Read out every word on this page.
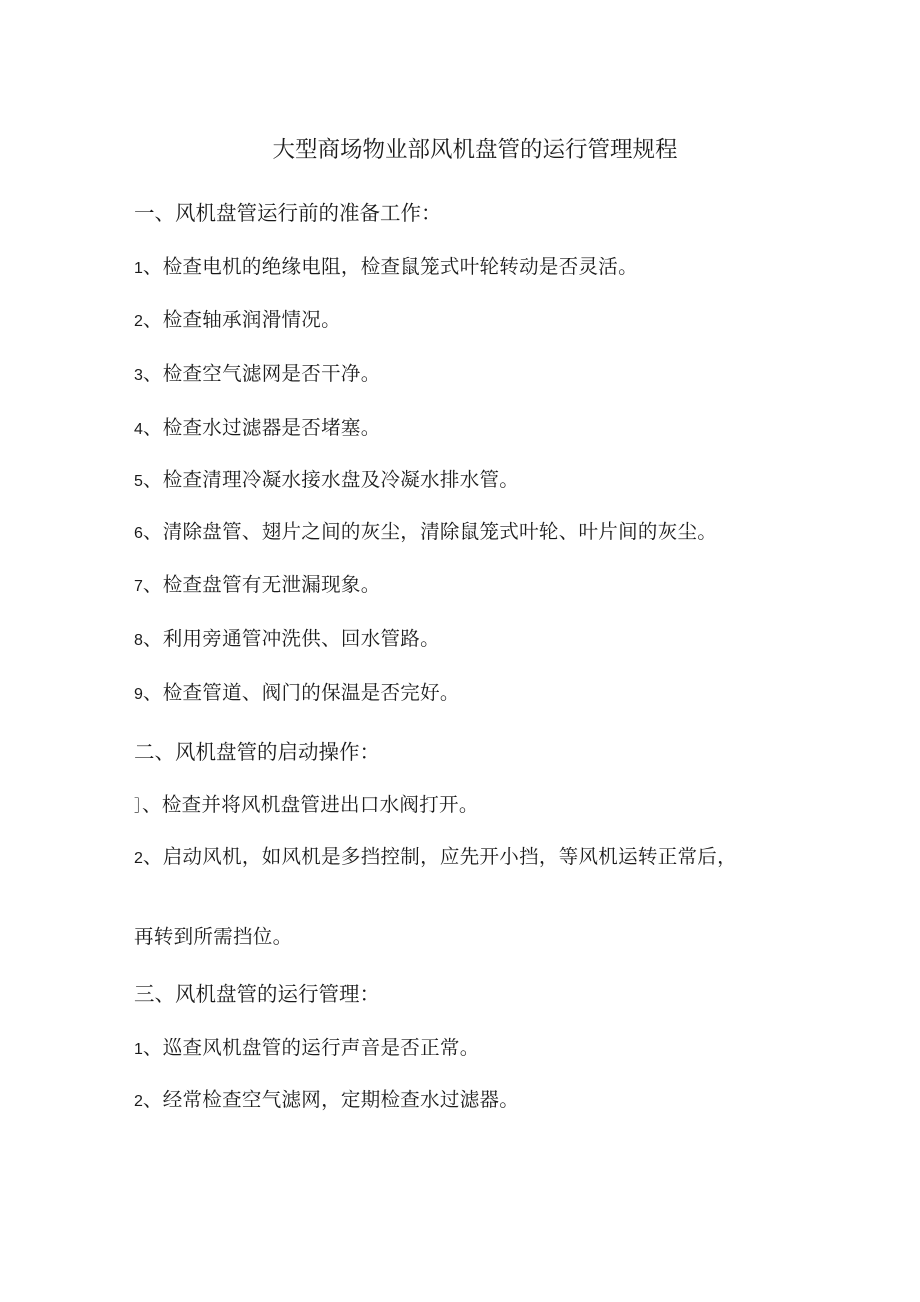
大型商场物业部风机盘管的运行管理规程
一、风机盘管运行前的准备工作：
1、检查电机的绝缘电阻，检查鼠笼式叶轮转动是否灵活。
2、检查轴承润滑情况。
3、检查空气滤网是否干净。
4、检查水过滤器是否堵塞。
5、检查清理冷凝水接水盘及冷凝水排水管。
6、清除盘管、翅片之间的灰尘，清除鼠笼式叶轮、叶片间的灰尘。
7、检查盘管有无泄漏现象。
8、利用旁通管冲洗供、回水管路。
9、检查管道、阀门的保温是否完好。
二、风机盘管的启动操作：
］、检查并将风机盘管进出口水阀打开。
2、启动风机，如风机是多挡控制，应先开小挡，等风机运转正常后，
再转到所需挡位。
三、风机盘管的运行管理：
1、巡查风机盘管的运行声音是否正常。
2、经常检查空气滤网，定期检查水过滤器。
